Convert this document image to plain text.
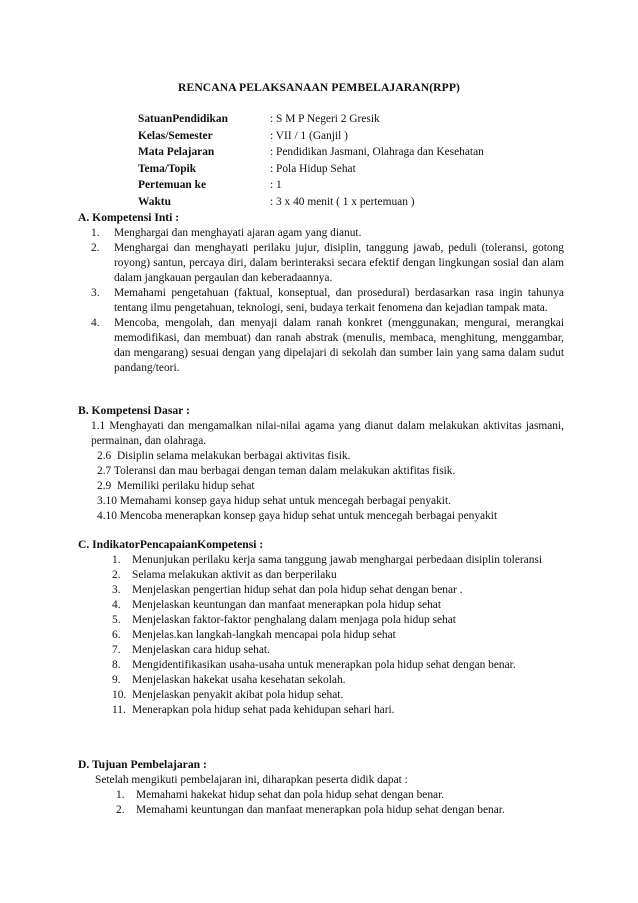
RENCANA PELAKSANAAN PEMBELAJARAN(RPP)
SatuanPendidikan	: S M P Negeri 2 Gresik
Kelas/Semester	: VII / 1 (Ganjil )
Mata Pelajaran	: Pendidikan Jasmani, Olahraga dan Kesehatan
Tema/Topik	: Pola Hidup Sehat
Pertemuan ke	: 1
Waktu	: 3 x 40 menit ( 1 x pertemuan )
A. Kompetensi Inti :
1.	Menghargai dan menghayati ajaran agam yang dianut.
2.	Menghargai dan menghayati perilaku jujur, disiplin, tanggung jawab, peduli (toleransi, gotong royong) santun, percaya diri, dalam berinteraksi secara efektif dengan lingkungan sosial dan alam dalam jangkauan pergaulan dan keberadaannya.
3.	Memahami pengetahuan (faktual, konseptual, dan prosedural) berdasarkan rasa ingin tahunya tentang ilmu pengetahuan, teknologi, seni, budaya terkait fenomena dan kejadian tampak mata.
4.	Mencoba, mengolah, dan menyaji dalam ranah konkret (menggunakan, mengurai, merangkai memodifikasi, dan membuat) dan ranah abstrak (menulis, membaca, menghitung, menggambar, dan mengarang) sesuai dengan yang dipelajari di sekolah dan sumber lain yang sama dalam sudut pandang/teori.
B. Kompetensi Dasar :
1.1 Menghayati dan mengamalkan nilai-nilai agama yang dianut dalam melakukan aktivitas jasmani, permainan, dan olahraga.
2.6 Disiplin selama melakukan berbagai aktivitas fisik.
2.7 Toleransi dan mau berbagai dengan teman dalam melakukan aktifitas fisik.
2.9 Memiliki perilaku hidup sehat
3.10 Memahami konsep gaya hidup sehat untuk mencegah berbagai penyakit.
4.10 Mencoba menerapkan konsep gaya hidup sehat untuk mencegah berbagai penyakit
C. IndikatorPencapaianKompetensi :
1.	Menunjukan perilaku kerja sama tanggung jawab menghargai perbedaan disiplin toleransi
2.	Selama melakukan aktivit as dan berperilaku
3.	Menjelaskan pengertian hidup sehat dan pola hidup sehat dengan benar .
4.	Menjelaskan keuntungan dan manfaat menerapkan pola hidup sehat
5.	Menjelaskan faktor-faktor penghalang dalam menjaga pola hidup sehat
6.	Menjelas.kan langkah-langkah mencapai pola hidup sehat
7.	Menjelaskan cara hidup sehat.
8.	Mengidentifikasikan usaha-usaha untuk menerapkan pola hidup sehat dengan benar.
9.	Menjelaskan hakekat usaha kesehatan sekolah.
10. Menjelaskan penyakit akibat pola hidup sehat.
11. Menerapkan pola hidup sehat pada kehidupan sehari hari.
D. Tujuan Pembelajaran :
Setelah mengikuti pembelajaran ini, diharapkan peserta didik dapat :
1.	Memahami hakekat hidup sehat dan pola hidup sehat dengan benar.
2.	Memahami keuntungan dan manfaat menerapkan pola hidup sehat dengan benar.
